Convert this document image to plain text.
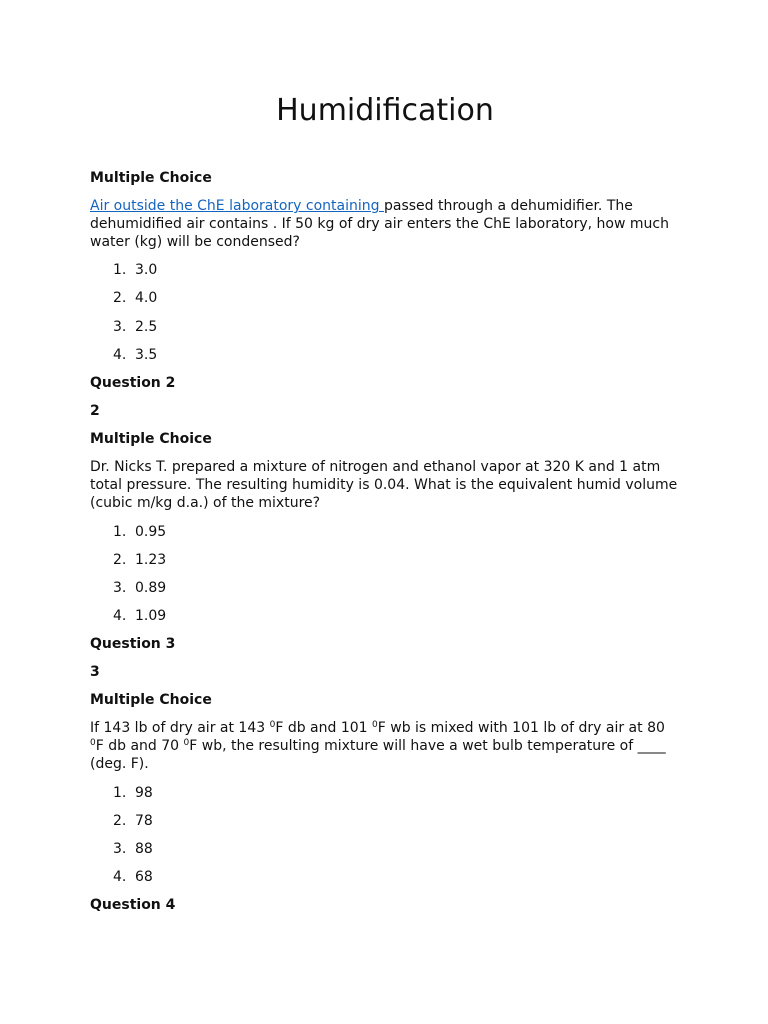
Humidification

Multiple Choice

Air outside the ChE laboratory containing passed through a dehumidifier. The dehumidified air contains . If 50 kg of dry air enters the ChE laboratory, how much water (kg) will be condensed?

1. 3.0
2. 4.0
3. 2.5
4. 3.5

Question 2

2

Multiple Choice

Dr. Nicks T. prepared a mixture of nitrogen and ethanol vapor at 320 K and 1 atm total pressure. The resulting humidity is 0.04. What is the equivalent humid volume (cubic m/kg d.a.) of the mixture?

1. 0.95
2. 1.23
3. 0.89
4. 1.09

Question 3

3

Multiple Choice

If 143 lb of dry air at 143 $^0$F db and 101 $^0$F wb is mixed with 101 lb of dry air at 80 $^0$F db and 70 $^0$F wb, the resulting mixture will have a wet bulb temperature of ____ (deg. F).

1. 98
2. 78
3. 88
4. 68

Question 4
